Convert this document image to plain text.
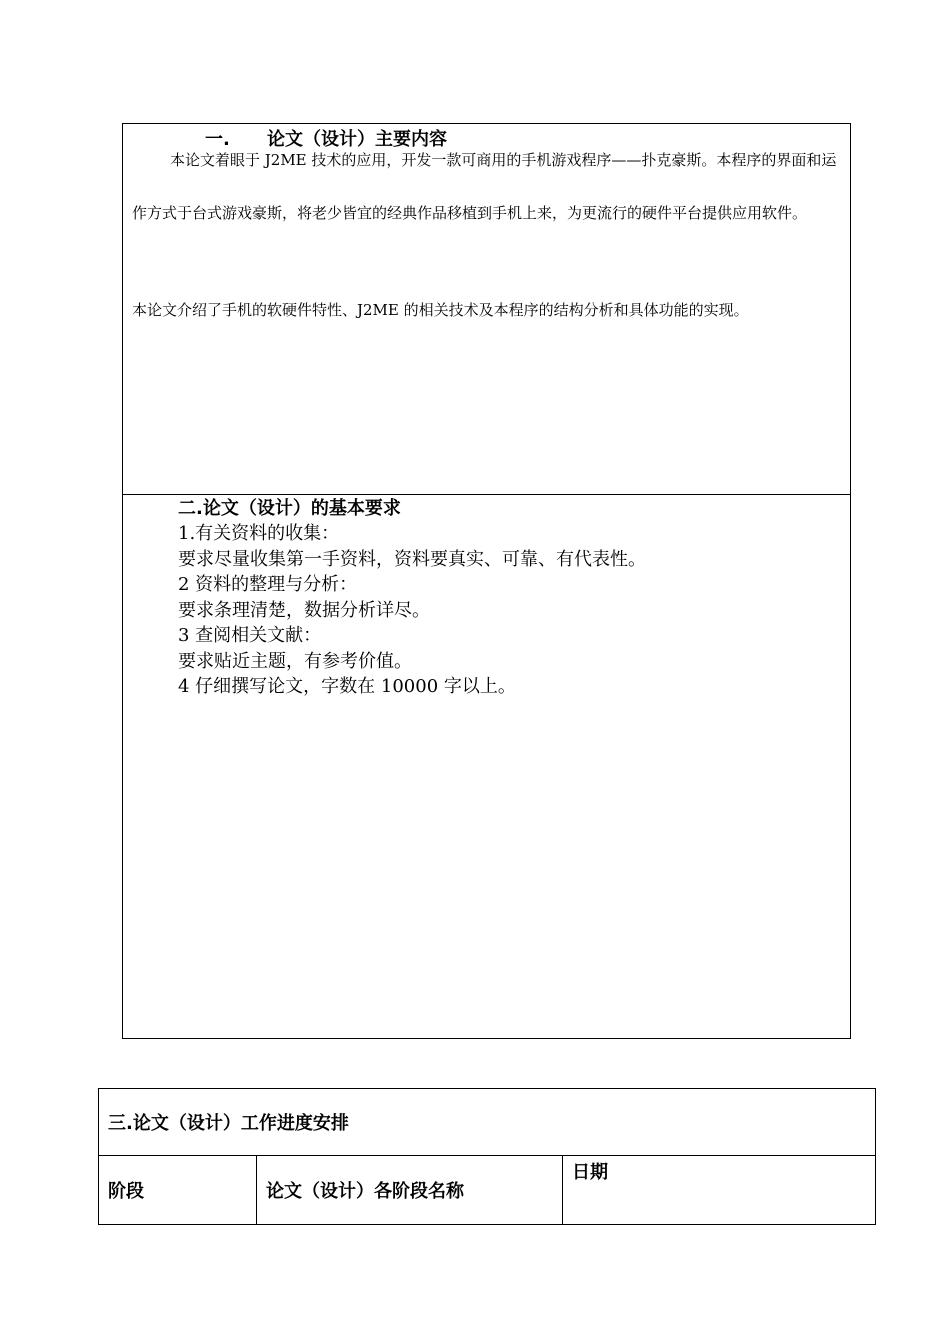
一. 论文（设计）主要内容
本论文着眼于 J2ME 技术的应用，开发一款可商用的手机游戏程序——扑克豪斯。本程序的界面和运作方式于台式游戏豪斯，将老少皆宜的经典作品移植到手机上来，为更流行的硬件平台提供应用软件。
本论文介绍了手机的软硬件特性、J2ME 的相关技术及本程序的结构分析和具体功能的实现。
二.论文（设计）的基本要求
1.有关资料的收集：
要求尽量收集第一手资料，资料要真实、可靠、有代表性。
2 资料的整理与分析：
要求条理清楚，数据分析详尽。
3 查阅相关文献：
要求贴近主题，有参考价值。
4 仔细撰写论文，字数在 10000 字以上。
三.论文（设计）工作进度安排
阶段	论文（设计）各阶段名称	日期
